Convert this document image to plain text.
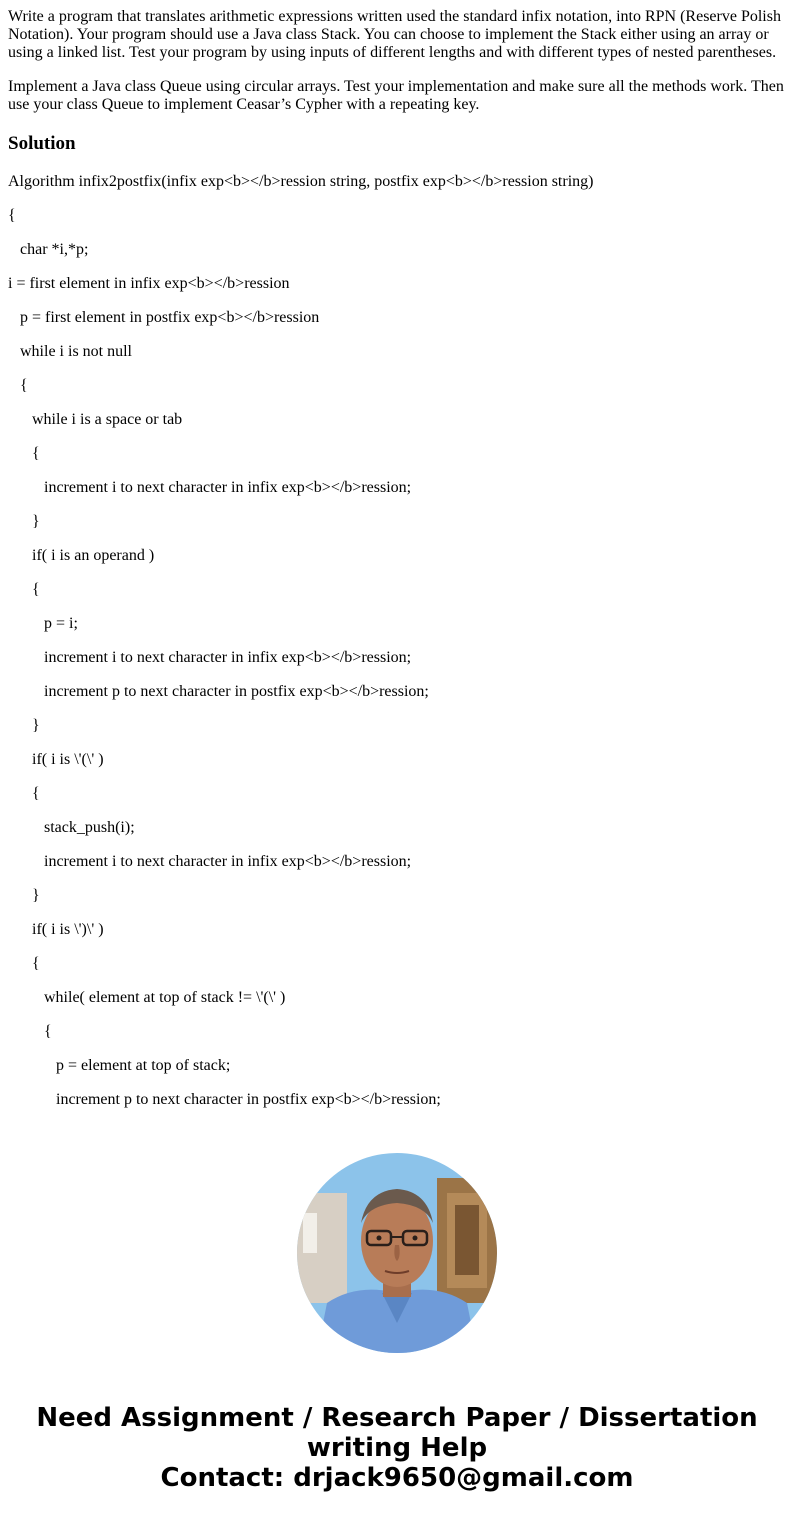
Write a program that translates arithmetic expressions written used the standard infix notation, into RPN (Reserve Polish Notation). Your program should use a Java class Stack. You can choose to implement the Stack either using an array or using a linked list. Test your program by using inputs of different lengths and with different types of nested parentheses.

Implement a Java class Queue using circular arrays. Test your implementation and make sure all the methods work. Then use your class Queue to implement Ceasar’s Cypher with a repeating key.

Solution

Algorithm infix2postfix(infix exp<b></b>ression string, postfix exp<b></b>ression string)

{

char *i,*p;

i = first element in infix exp<b></b>ression

p = first element in postfix exp<b></b>ression

while i is not null

{

while i is a space or tab

{

increment i to next character in infix exp<b></b>ression;

}

if( i is an operand )

{

p = i;

increment i to next character in infix exp<b></b>ression;

increment p to next character in postfix exp<b></b>ression;

}

if( i is \'(\' )

{

stack_push(i);

increment i to next character in infix exp<b></b>ression;

}

if( i is \')\' )

{

while( element at top of stack != \'(\' )

{

p = element at top of stack;

increment p to next character in postfix exp<b></b>ression;

Need Assignment / Research Paper / Dissertation
writing Help
Contact: drjack9650@gmail.com
